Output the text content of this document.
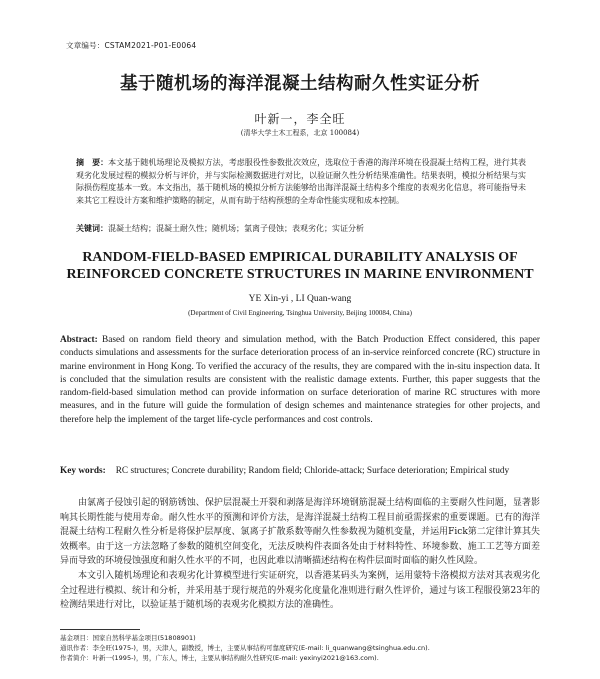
文章编号：CSTAM2021-P01-E0064
基于随机场的海洋混凝土结构耐久性实证分析
叶新一，李全旺
(清华大学土木工程系，北京 100084)
摘　要：本文基于随机场理论及模拟方法，考虑服役性参数批次效应，选取位于香港的海洋环境在役混凝土结构工程，进行其表观劣化发展过程的模拟分析与评价，并与实际检测数据进行对比，以验证耐久性分析结果准确性。结果表明，模拟分析结果与实际损伤程度基本一致。本文指出，基于随机场的模拟分析方法能够给出海洋混凝土结构多个维度的表观劣化信息，将可能指导未来其它工程设计方案和维护策略的制定，从而有助于结构预想的全寿命性能实现和成本控制。
关键词：混凝土结构；混凝土耐久性；随机场；氯离子侵蚀；表观劣化；实证分析
RANDOM-FIELD-BASED EMPIRICAL DURABILITY ANALYSIS OF REINFORCED CONCRETE STRUCTURES IN MARINE ENVIRONMENT
YE Xin-yi , LI Quan-wang
(Department of Civil Engineering, Tsinghua University, Beijing 100084, China)
Abstract: Based on random field theory and simulation method, with the Batch Production Effect considered, this paper conducts simulations and assessments for the surface deterioration process of an in-service reinforced concrete (RC) structure in marine environment in Hong Kong. To verified the accuracy of the results, they are compared with the in-situ inspection data. It is concluded that the simulation results are consistent with the realistic damage extents. Further, this paper suggests that the random-field-based simulation method can provide information on surface deterioration of marine RC structures with more measures, and in the future will guide the formulation of design schemes and maintenance strategies for other projects, and therefore help the implement of the target life-cycle performances and cost controls.
Key words: RC structures; Concrete durability; Random field; Chloride-attack; Surface deterioration; Empirical study

由氯离子侵蚀引起的钢筋锈蚀、保护层混凝土开裂和剥落是海洋环境钢筋混凝土结构面临的主要耐久性问题，显著影响其长期性能与使用寿命。耐久性水平的预测和评价方法，是海洋混凝土结构工程目前亟需探索的重要课题。已有的海洋混凝土结构工程耐久性分析是将保护层厚度、氯离子扩散系数等耐久性参数视为随机变量，并运用Fick第二定律计算其失效概率。由于这一方法忽略了参数的随机空间变化，无法反映构件表面各处由于材料特性、环境参数、施工工艺等方面差异而导致的环境侵蚀强度和耐久性水平的不同，也因此难以清晰描述结构在构件层面时面临的耐久性风险。

本文引入随机场理论和表观劣化计算模型进行实证研究，以香港某码头为案例，运用蒙特卡洛模拟方法对其表观劣化全过程进行模拟、统计和分析，并采用基于现行规范的外观劣化度量化准则进行耐久性评价，通过与该工程服役第23年的检测结果进行对比，以验证基于随机场的表观劣化模拟方法的准确性。

基金项目：国家自然科学基金项目(51808901)
通讯作者：李全旺(1975-)，男，天津人，副教授，博士，主要从事结构可靠度研究(E-mail: li_quanwang@tsinghua.edu.cn).
作者简介：叶新一(1995-)，男，广东人，博士，主要从事结构耐久性研究(E-mail: yexinyi2021@163.com).
